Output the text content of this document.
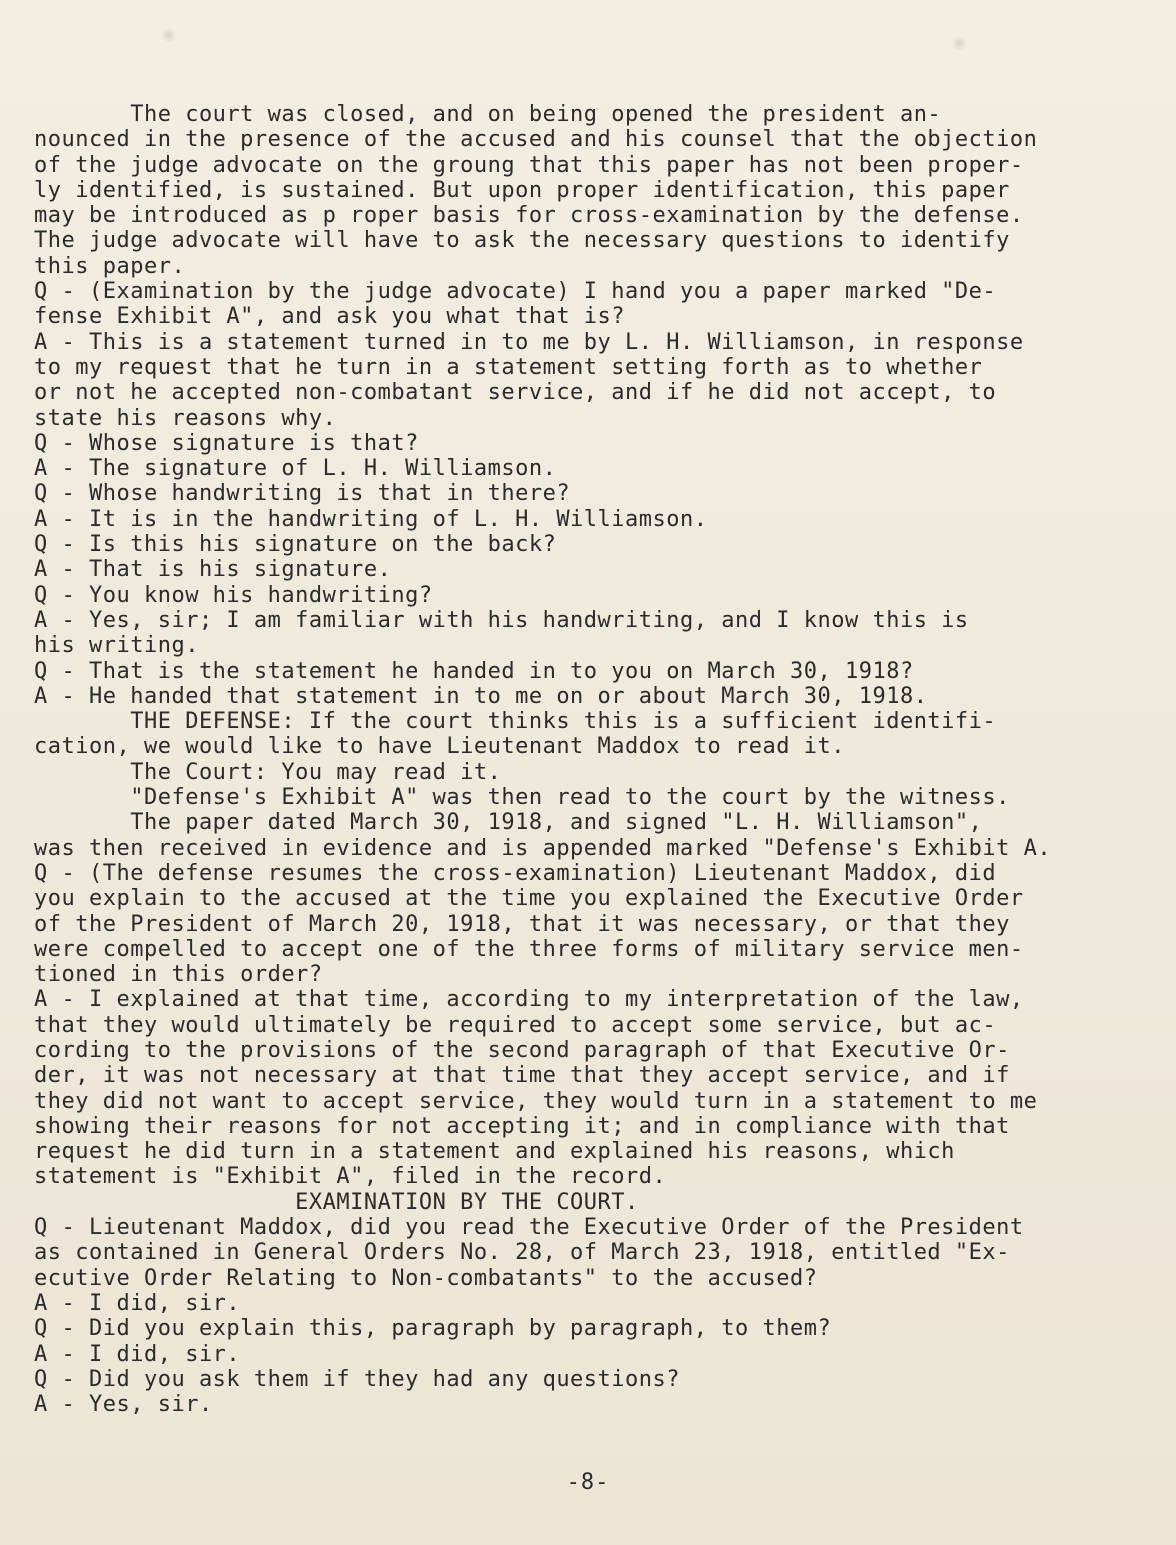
The court was closed, and on being opened the president an-
nounced in the presence of the accused and his counsel that the objection
of the judge advocate on the groung that this paper has not been proper-
ly identified, is sustained. But upon proper identification, this paper
may be introduced as p roper basis for cross-examination by the defense.
The judge advocate will have to ask the necessary questions to identify
this paper.
Q - (Examination by the judge advocate) I hand you a paper marked "De-
fense Exhibit A", and ask you what that is?
A - This is a statement turned in to me by L. H. Williamson, in response
to my request that he turn in a statement setting forth as to whether
or not he accepted non-combatant service, and if he did not accept, to
state his reasons why.
Q - Whose signature is that?
A - The signature of L. H. Williamson.
Q - Whose handwriting is that in there?
A - It is in the handwriting of L. H. Williamson.
Q - Is this his signature on the back?
A - That is his signature.
Q - You know his handwriting?
A - Yes, sir; I am familiar with his handwriting, and I know this is
his writing.
Q - That is the statement he handed in to you on March 30, 1918?
A - He handed that statement in to me on or about March 30, 1918.
THE DEFENSE: If the court thinks this is a sufficient identifi-
cation, we would like to have Lieutenant Maddox to read it.
The Court: You may read it.
"Defense's Exhibit A" was then read to the court by the witness.
The paper dated March 30, 1918, and signed "L. H. Williamson",
was then received in evidence and is appended marked "Defense's Exhibit A.
Q - (The defense resumes the cross-examination) Lieutenant Maddox, did
you explain to the accused at the time you explained the Executive Order
of the President of March 20, 1918, that it was necessary, or that they
were compelled to accept one of the three forms of military service men-
tioned in this order?
A - I explained at that time, according to my interpretation of the law,
that they would ultimately be required to accept some service, but ac-
cording to the provisions of the second paragraph of that Executive Or-
der, it was not necessary at that time that they accept service, and if
they did not want to accept service, they would turn in a statement to me
showing their reasons for not accepting it; and in compliance with that
request he did turn in a statement and explained his reasons, which
statement is "Exhibit A", filed in the record.
EXAMINATION BY THE COURT.
Q - Lieutenant Maddox, did you read the Executive Order of the President
as contained in General Orders No. 28, of March 23, 1918, entitled "Ex-
ecutive Order Relating to Non-combatants" to the accused?
A - I did, sir.
Q - Did you explain this, paragraph by paragraph, to them?
A - I did, sir.
Q - Did you ask them if they had any questions?
A - Yes, sir.
-8-
